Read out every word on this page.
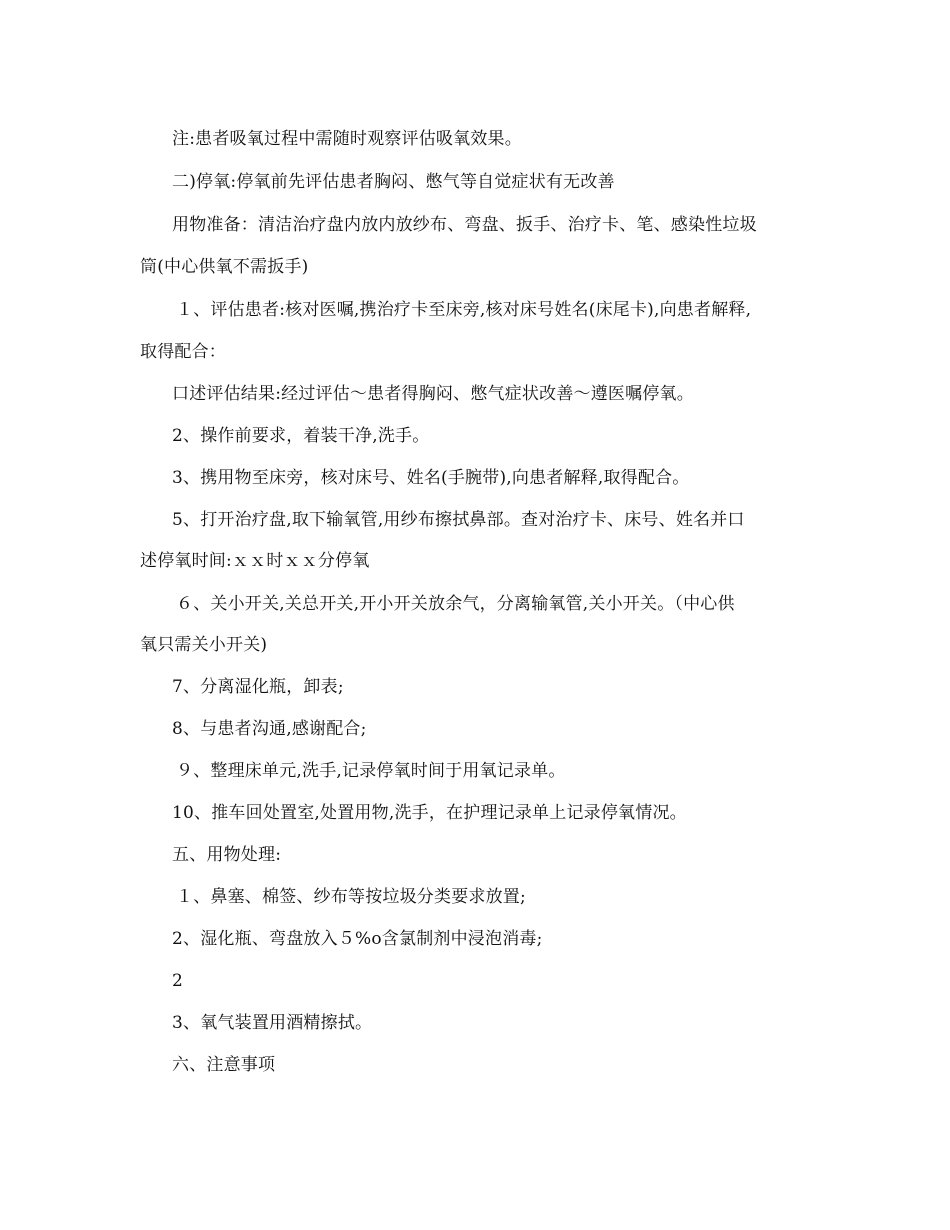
注:患者吸氧过程中需随时观察评估吸氧效果。
二)停氧:停氧前先评估患者胸闷、憋气等自觉症状有无改善
用物准备：清洁治疗盘内放内放纱布、弯盘、扳手、治疗卡、笔、感染性垃圾
筒(中心供氧不需扳手)
１、评估患者:核对医嘱,携治疗卡至床旁,核对床号姓名(床尾卡),向患者解释,
取得配合：
口述评估结果:经过评估～患者得胸闷、憋气症状改善～遵医嘱停氧。
2、操作前要求，着装干净,洗手。
3、携用物至床旁，核对床号、姓名(手腕带),向患者解释,取得配合。
5、打开治疗盘,取下输氧管,用纱布擦拭鼻部。查对治疗卡、床号、姓名并口
述停氧时间:ｘｘ时ｘｘ分停氧
６、关小开关,关总开关,开小开关放余气，分离输氧管,关小开关。（中心供
氧只需关小开关)
7、分离湿化瓶，卸表;
8、与患者沟通,感谢配合;
９、整理床单元,洗手,记录停氧时间于用氧记录单。
10、推车回处置室,处置用物,洗手，在护理记录单上记录停氧情况。
五、用物处理:
１、鼻塞、棉签、纱布等按垃圾分类要求放置;
2、湿化瓶、弯盘放入５%o含氯制剂中浸泡消毒;
2
3、氧气装置用酒精擦拭。
六、注意事项
